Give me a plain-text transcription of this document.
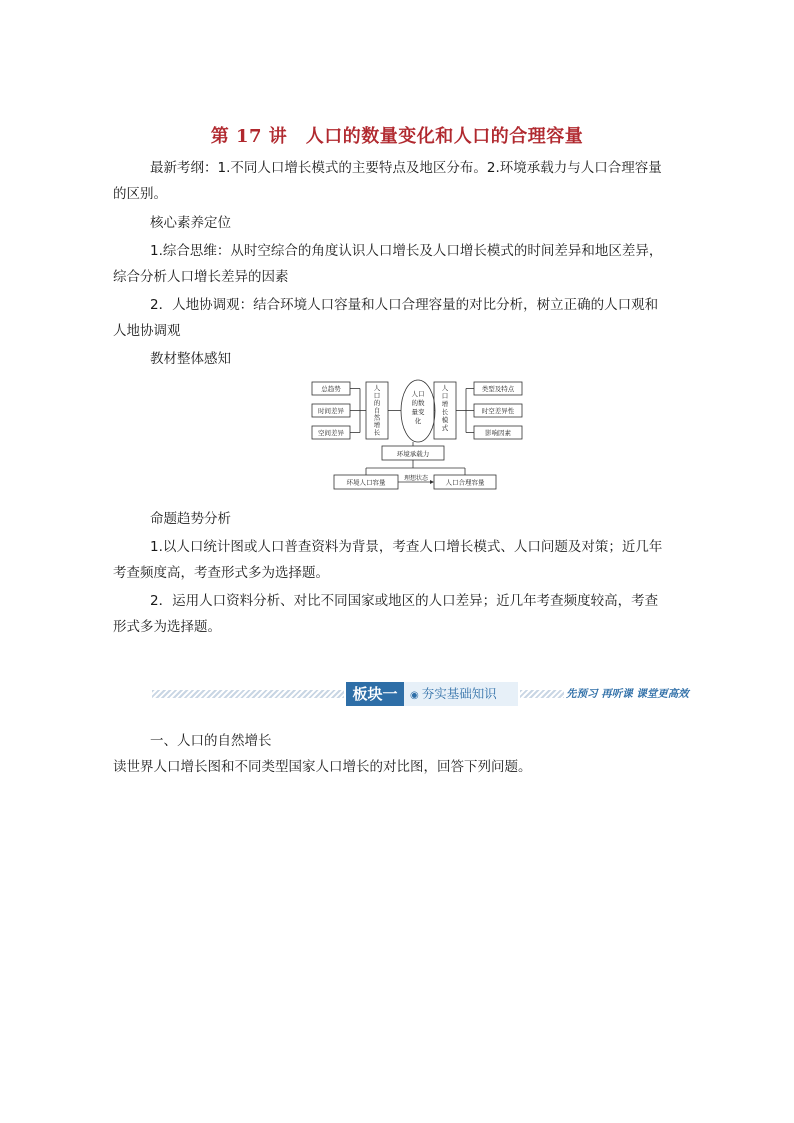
第 17 讲　人口的数量变化和人口的合理容量

最新考纲：1.不同人口增长模式的主要特点及地区分布。2.环境承载力与人口合理容量

的区别。

核心素养定位

1.综合思维：从时空综合的角度认识人口增长及人口增长模式的时间差异和地区差异，

综合分析人口增长差异的因素

2．人地协调观：结合环境人口容量和人口合理容量的对比分析，树立正确的人口观和

人地协调观

教材整体感知

总趋势
时间差异
空间差异
类型及特点
时空差异性
影响因素
环境承载力
环境人口容量	人口合理容量
理想状态
人口的自然增长
人口增长模式
人口的数量变化

命题趋势分析

1.以人口统计图或人口普查资料为背景，考查人口增长模式、人口问题及对策；近几年

考查频度高，考查形式多为选择题。

2．运用人口资料分析、对比不同国家或地区的人口差异；近几年考查频度较高，考查

形式多为选择题。

板块一	◉ 夯实基础知识	先预习 再听课 课堂更高效

一、人口的自然增长

读世界人口增长图和不同类型国家人口增长的对比图，回答下列问题。
